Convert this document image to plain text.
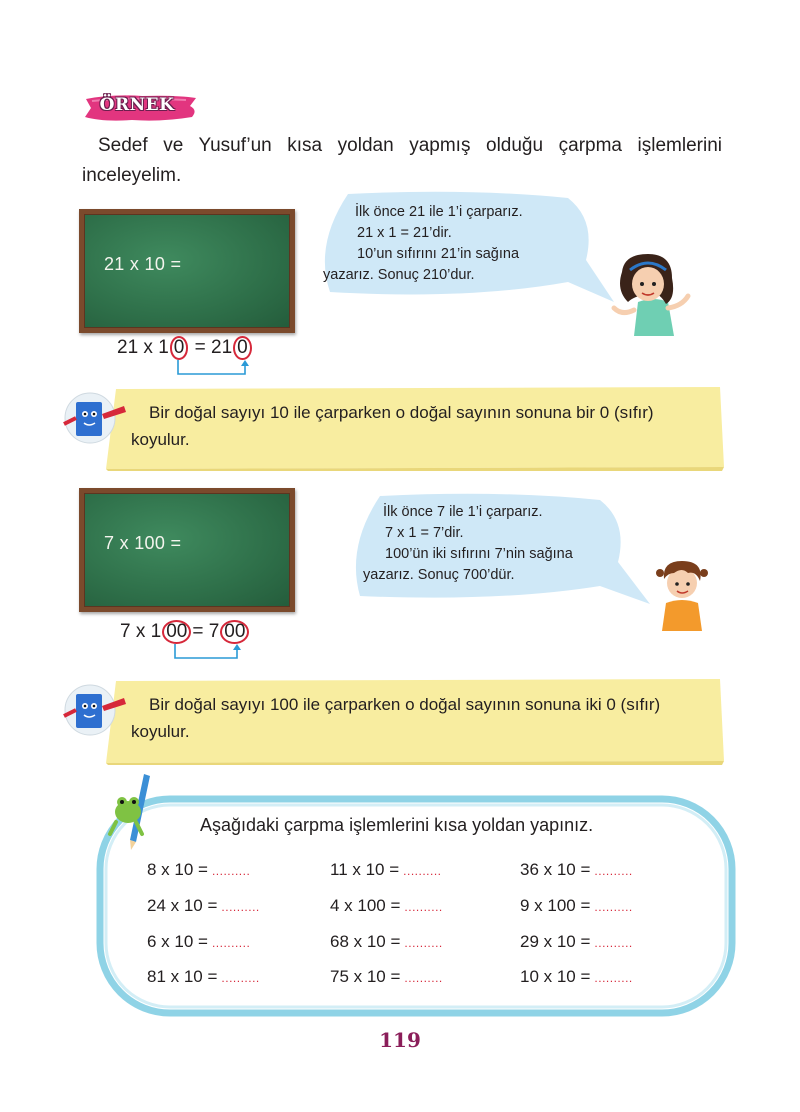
ÖRNEK
Sedef ve Yusuf’un kısa yoldan yapmış olduğu çarpma işlemlerini inceleyelim.
21 x 10 =
21 x 1 0 = 21 0
İlk önce 21 ile 1’i çarparız.
21 x 1 = 21’dir.
10’un sıfırını 21’in sağına
yazarız. Sonuç 210’dur.
Bir doğal sayıyı 10 ile çarparken o doğal sayının sonuna bir 0 (sıfır) koyulur.
7 x 100 =
7 x 1 00 = 7 00
İlk önce 7 ile 1’i çarparız.
7 x 1 = 7’dir.
100’ün iki sıfırını 7’nin sağına
yazarız. Sonuç 700’dür.
Bir doğal sayıyı 100 ile çarparken o doğal sayının sonuna iki 0 (sıfır) koyulur.
Aşağıdaki çarpma işlemlerini kısa yoldan yapınız.
8 x 10 = ..........	11 x 10 = ..........	36 x 10 = ..........
24 x 10 = ..........	4 x 100 = ..........	9 x 100 = ..........
6 x 10 = ..........	68 x 10 = ..........	29 x 10 = ..........
81 x 10 = ..........	75 x 10 = ..........	10 x 10 = ..........
119
